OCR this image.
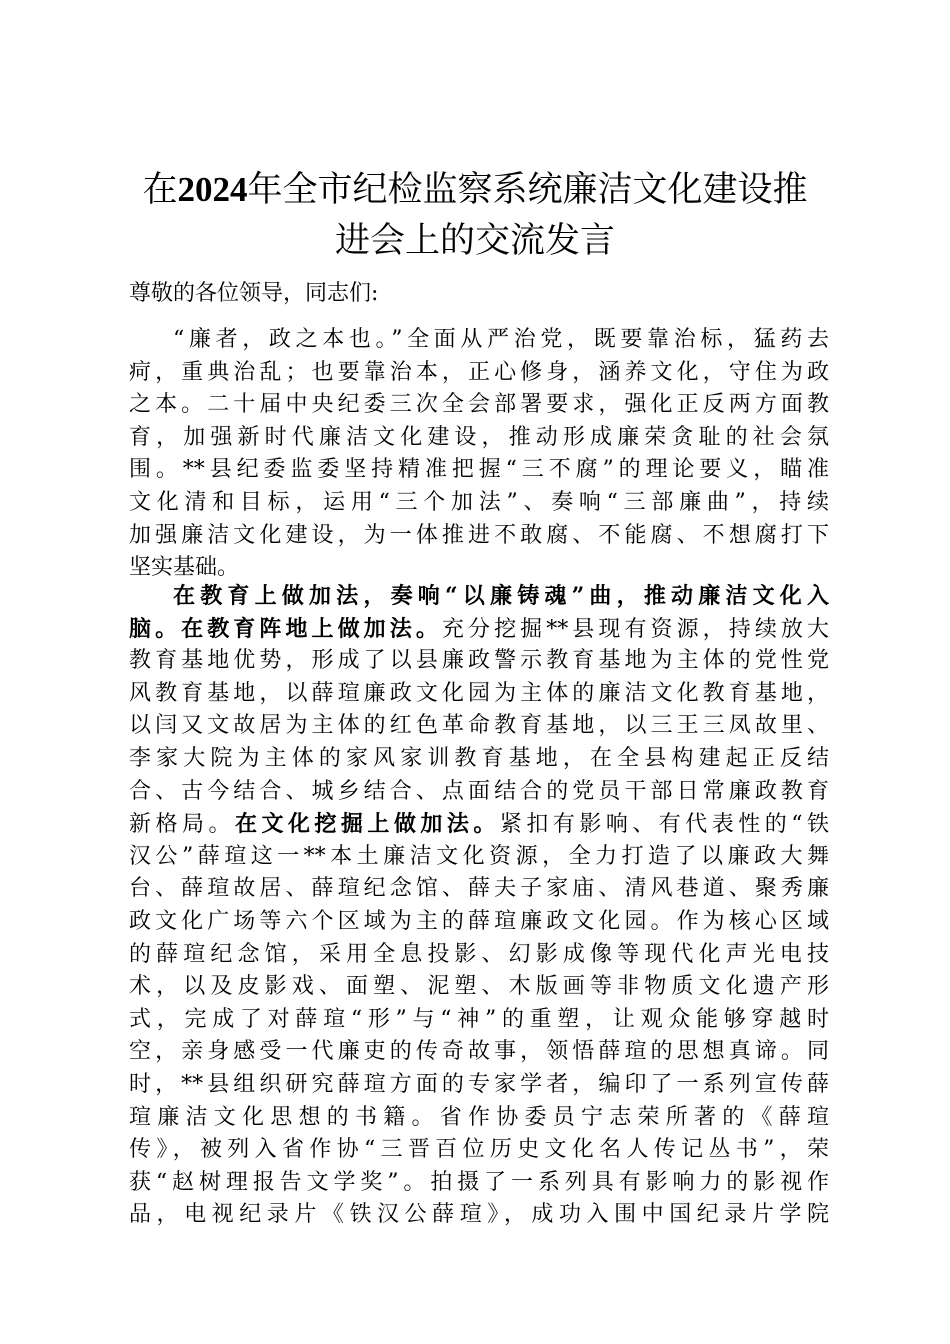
在2024年全市纪检监察系统廉洁文化建设推
进会上的交流发言

尊敬的各位领导，同志们:

“廉者，政之本也。”全面从严治党，既要靠治标，猛药去
疴，重典治乱；也要靠治本，正心修身，涵养文化，守住为政
之本。二十届中央纪委三次全会部署要求，强化正反两方面教
育，加强新时代廉洁文化建设，推动形成廉荣贪耻的社会氛
围。**县纪委监委坚持精准把握“三不腐”的理论要义，瞄准
文化清和目标，运用“三个加法”、奏响“三部廉曲”，持续
加强廉洁文化建设，为一体推进不敢腐、不能腐、不想腐打下
坚实基础。
在教育上做加法，奏响“以廉铸魂”曲，推动廉洁文化入
脑。在教育阵地上做加法。充分挖掘**县现有资源，持续放大
教育基地优势，形成了以县廉政警示教育基地为主体的党性党
风教育基地，以薛瑄廉政文化园为主体的廉洁文化教育基地，
以闫又文故居为主体的红色革命教育基地，以三王三凤故里、
李家大院为主体的家风家训教育基地，在全县构建起正反结
合、古今结合、城乡结合、点面结合的党员干部日常廉政教育
新格局。在文化挖掘上做加法。紧扣有影响、有代表性的“铁
汉公”薛瑄这一**本土廉洁文化资源，全力打造了以廉政大舞
台、薛瑄故居、薛瑄纪念馆、薛夫子家庙、清风巷道、聚秀廉
政文化广场等六个区域为主的薛瑄廉政文化园。作为核心区域
的薛瑄纪念馆，采用全息投影、幻影成像等现代化声光电技
术，以及皮影戏、面塑、泥塑、木版画等非物质文化遗产形
式，完成了对薛瑄“形”与“神”的重塑，让观众能够穿越时
空，亲身感受一代廉吏的传奇故事，领悟薛瑄的思想真谛。同
时，**县组织研究薛瑄方面的专家学者，编印了一系列宣传薛
瑄廉洁文化思想的书籍。省作协委员宁志荣所著的《薛瑄
传》，被列入省作协“三晋百位历史文化名人传记丛书”，荣
获“赵树理报告文学奖”。拍摄了一系列具有影响力的影视作
品，电视纪录片《铁汉公薛瑄》，成功入围中国纪录片学院
